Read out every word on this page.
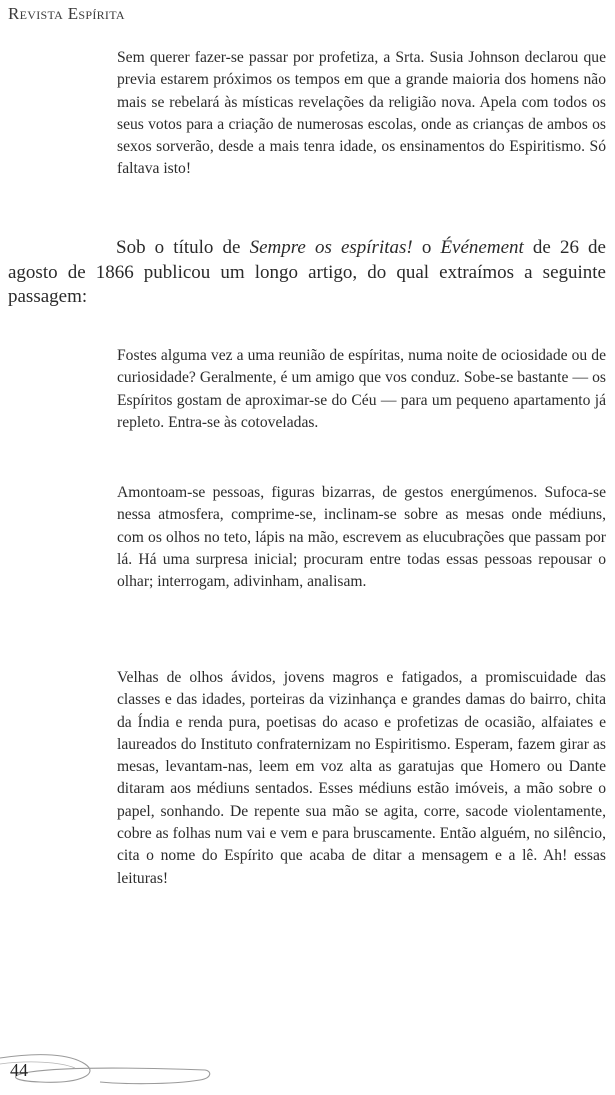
Revista Espírita

Sem querer fazer-se passar por profetiza, a Srta. Susia Johnson declarou que previa estarem próximos os tempos em que a grande maioria dos homens não mais se rebelará às místicas revelações da religião nova. Apela com todos os seus votos para a criação de numerosas escolas, onde as crianças de ambos os sexos sorverão, desde a mais tenra idade, os ensinamentos do Espiritismo. Só faltava isto!

Sob o título de Sempre os espíritas! o Événement de 26 de agosto de 1866 publicou um longo artigo, do qual extraímos a seguinte passagem:

Fostes alguma vez a uma reunião de espíritas, numa noite de ociosidade ou de curiosidade? Geralmente, é um amigo que vos conduz. Sobe-se bastante — os Espíritos gostam de aproximar-se do Céu — para um pequeno apartamento já repleto. Entra-se às cotoveladas.

Amontoam-se pessoas, figuras bizarras, de gestos energúmenos. Sufoca-se nessa atmosfera, comprime-se, inclinam-se sobre as mesas onde médiuns, com os olhos no teto, lápis na mão, escrevem as elucubrações que passam por lá. Há uma surpresa inicial; procuram entre todas essas pessoas repousar o olhar; interrogam, adivinham, analisam.

Velhas de olhos ávidos, jovens magros e fatigados, a promiscuidade das classes e das idades, porteiras da vizinhança e grandes damas do bairro, chita da Índia e renda pura, poetisas do acaso e profetizas de ocasião, alfaiates e laureados do Instituto confraternizam no Espiritismo. Esperam, fazem girar as mesas, levantam-nas, leem em voz alta as garatujas que Homero ou Dante ditaram aos médiuns sentados. Esses médiuns estão imóveis, a mão sobre o papel, sonhando. De repente sua mão se agita, corre, sacode violentamente, cobre as folhas num vai e vem e para bruscamente. Então alguém, no silêncio, cita o nome do Espírito que acaba de ditar a mensagem e a lê. Ah! essas leituras!

44
